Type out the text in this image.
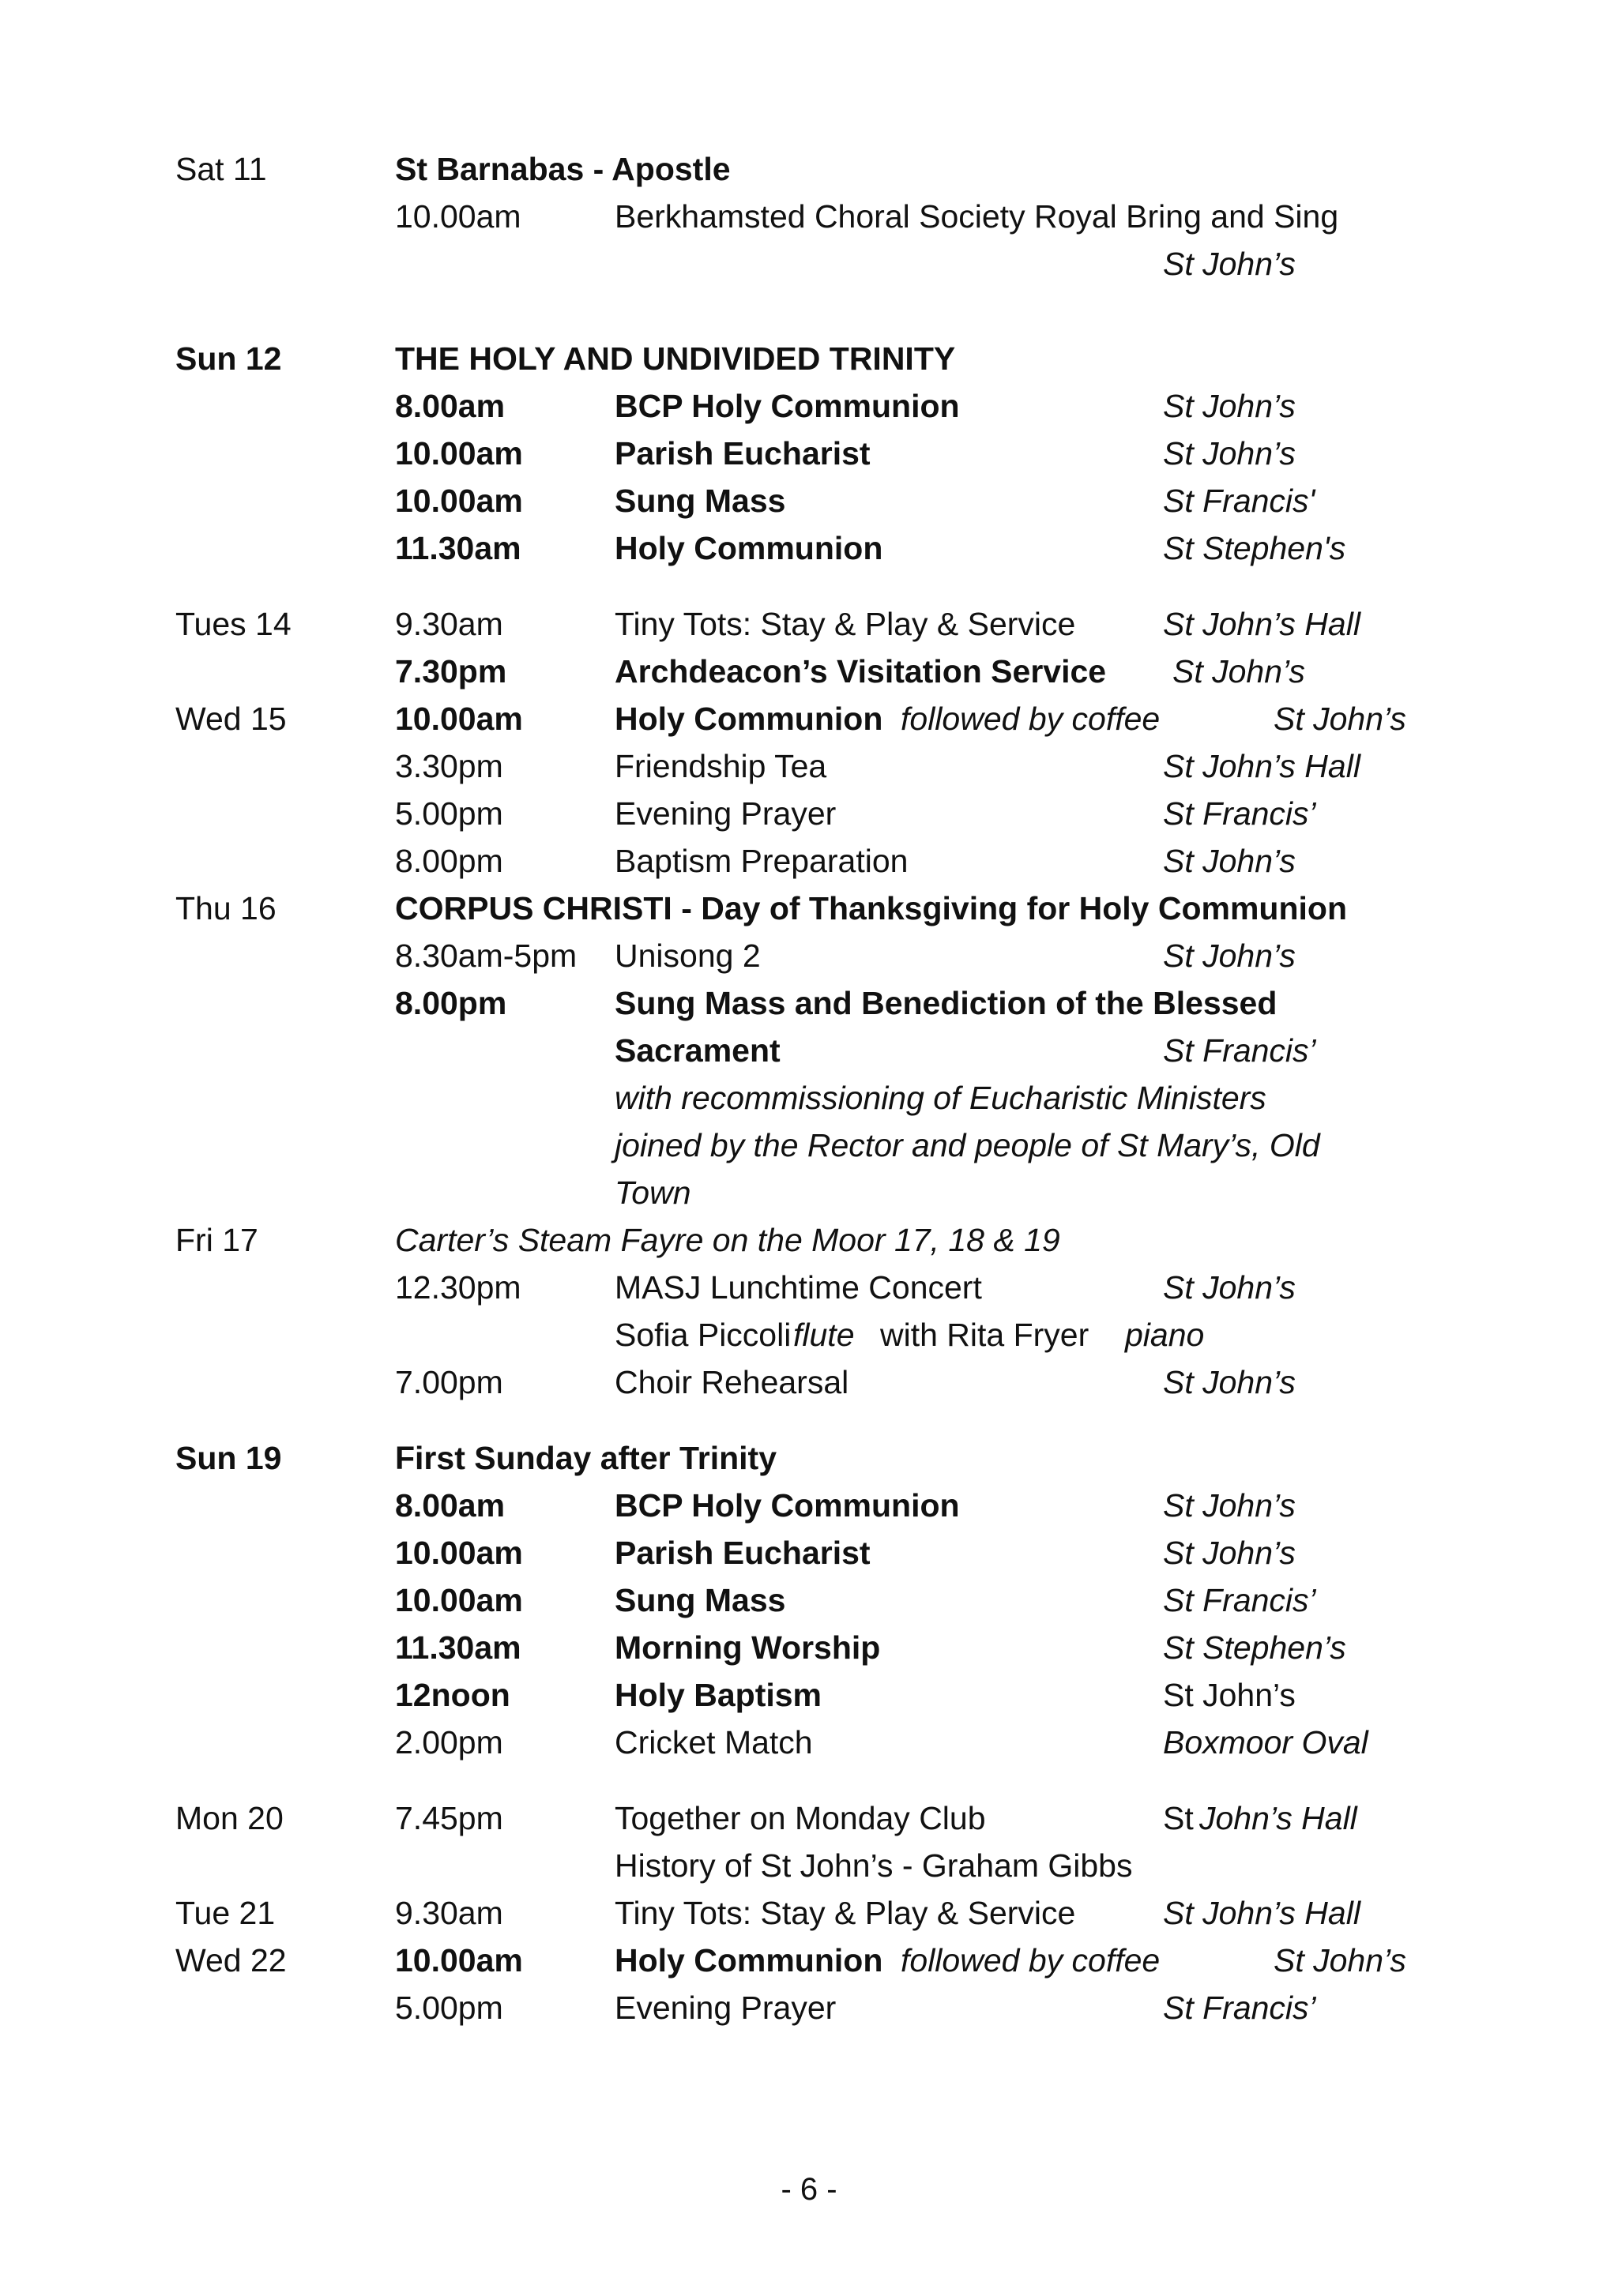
Sat 11	St Barnabas - Apostle
10.00am	Berkhamsted Choral Society Royal Bring and Sing
St John’s
Sun 12	THE HOLY AND UNDIVIDED TRINITY
8.00am	BCP Holy Communion	St John’s
10.00am	Parish Eucharist	St John’s
10.00am	Sung Mass	St Francis'
11.30am	Holy Communion	St Stephen's
Tues 14	9.30am	Tiny Tots: Stay & Play & Service	St John’s Hall
7.30pm	Archdeacon’s Visitation Service St John’s
Wed 15	10.00am	Holy Communion followed by coffee	St John’s
3.30pm	Friendship Tea	St John’s Hall
5.00pm	Evening Prayer	St Francis’
8.00pm	Baptism Preparation	St John’s
Thu 16	CORPUS CHRISTI - Day of Thanksgiving for Holy Communion
8.30am-5pm Unisong 2	St John’s
8.00pm	Sung Mass and Benediction of the Blessed
Sacrament	St Francis’
with recommissioning of Eucharistic Ministers
joined by the Rector and people of St Mary’s, Old
Town
Fri 17	Carter’s Steam Fayre on the Moor 17, 18 & 19
12.30pm	MASJ Lunchtime Concert	St John’s
Sofia Piccoli flute with Rita Fryer piano
7.00pm	Choir Rehearsal	St John’s
Sun 19	First Sunday after Trinity
8.00am	BCP Holy Communion	St John’s
10.00am	Parish Eucharist	St John’s
10.00am	Sung Mass	St Francis’
11.30am	Morning Worship	St Stephen’s
12noon	Holy Baptism	St John’s
2.00pm	Cricket Match	Boxmoor Oval
Mon 20	7.45pm	Together on Monday Club	St John’s Hall
History of St John’s - Graham Gibbs
Tue 21	9.30am	Tiny Tots: Stay & Play & Service	St John’s Hall
Wed 22	10.00am	Holy Communion followed by coffee	St John’s
5.00pm	Evening Prayer	St Francis’
- 6 -
